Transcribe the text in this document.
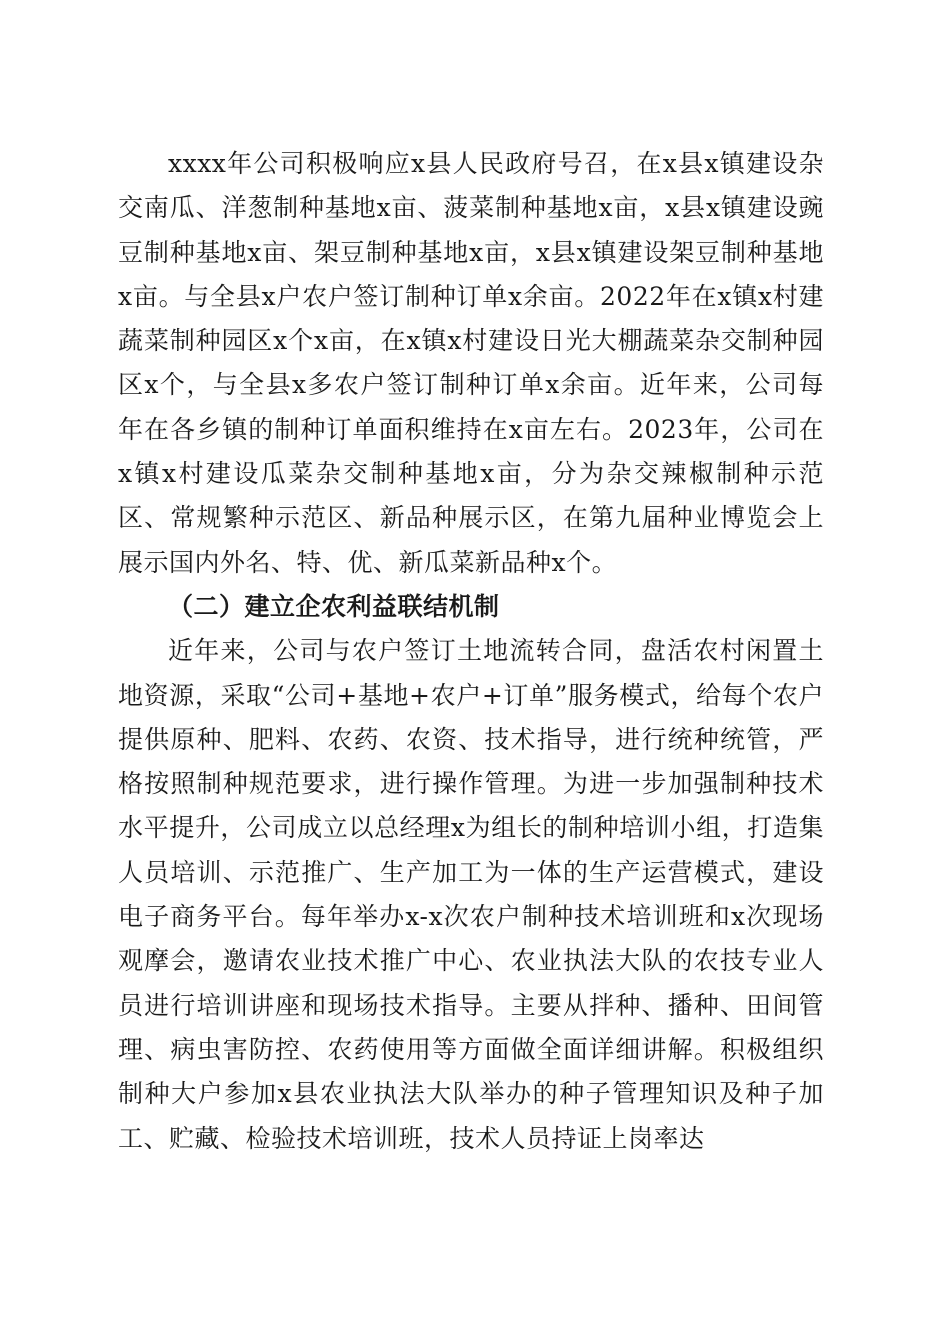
xxxx年公司积极响应x县人民政府号召，在x县x镇建设杂交南瓜、洋葱制种基地x亩、菠菜制种基地x亩，x县x镇建设豌豆制种基地x亩、架豆制种基地x亩，x县x镇建设架豆制种基地x亩。与全县x户农户签订制种订单x余亩。2022年在x镇x村建蔬菜制种园区x个x亩，在x镇x村建设日光大棚蔬菜杂交制种园区x个，与全县x多农户签订制种订单x余亩。近年来，公司每年在各乡镇的制种订单面积维持在x亩左右。2023年，公司在x镇x村建设瓜菜杂交制种基地x亩，分为杂交辣椒制种示范区、常规繁种示范区、新品种展示区，在第九届种业博览会上展示国内外名、特、优、新瓜菜新品种x个。

（二）建立企农利益联结机制

近年来，公司与农户签订土地流转合同，盘活农村闲置土地资源，采取“公司+基地+农户+订单”服务模式，给每个农户提供原种、肥料、农药、农资、技术指导，进行统种统管，严格按照制种规范要求，进行操作管理。为进一步加强制种技术水平提升，公司成立以总经理x为组长的制种培训小组，打造集人员培训、示范推广、生产加工为一体的生产运营模式，建设电子商务平台。每年举办x-x次农户制种技术培训班和x次现场观摩会，邀请农业技术推广中心、农业执法大队的农技专业人员进行培训讲座和现场技术指导。主要从拌种、播种、田间管理、病虫害防控、农药使用等方面做全面详细讲解。积极组织制种大户参加x县农业执法大队举办的种子管理知识及种子加工、贮藏、检验技术培训班，技术人员持证上岗率达
